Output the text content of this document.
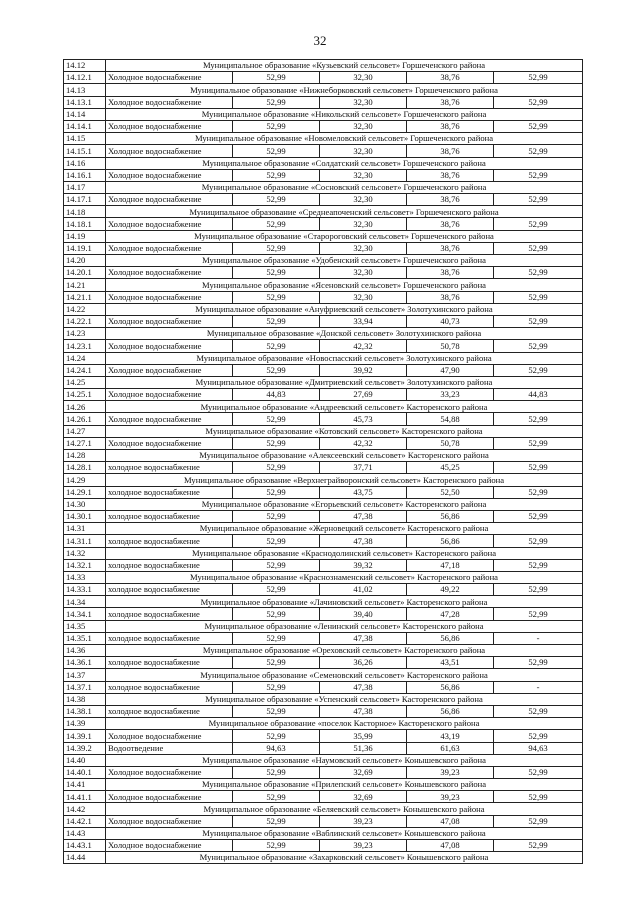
32
14.12	Муниципальное образование «Кузьевский сельсовет» Горшеченского района				
14.12.1	Холодное водоснабжение	52,99	32,30	38,76	52,99
14.13	Муниципальное образование «Нижнеборковский сельсовет» Горшеченского района				
14.13.1	Холодное водоснабжение	52,99	32,30	38,76	52,99
14.14	Муниципальное образование «Никольский сельсовет» Горшеченского района				
14.14.1	Холодное водоснабжение	52,99	32,30	38,76	52,99
14.15	Муниципальное образование «Новомеловский сельсовет» Горшеченского района				
14.15.1	Холодное водоснабжение	52,99	32,30	38,76	52,99
14.16	Муниципальное образование «Солдатский сельсовет» Горшеченского района				
14.16.1	Холодное водоснабжение	52,99	32,30	38,76	52,99
14.17	Муниципальное образование «Сосновский сельсовет» Горшеченского района				
14.17.1	Холодное водоснабжение	52,99	32,30	38,76	52,99
14.18	Муниципальное образование «Среднеапоченский сельсовет» Горшеченского района				
14.18.1	Холодное водоснабжение	52,99	32,30	38,76	52,99
14.19	Муниципальное образование «Старороговский сельсовет» Горшеченского района				
14.19.1	Холодное водоснабжение	52,99	32,30	38,76	52,99
14.20	Муниципальное образование «Удобенский сельсовет» Горшеченского района				
14.20.1	Холодное водоснабжение	52,99	32,30	38,76	52,99
14.21	Муниципальное образование «Ясеновский сельсовет» Горшеченского района				
14.21.1	Холодное водоснабжение	52,99	32,30	38,76	52,99
14.22	Муниципальное образование «Ануфриевский сельсовет» Золотухинского района				
14.22.1	Холодное водоснабжение	52,99	33,94	40,73	52,99
14.23	Муниципальное образование «Донской сельсовет» Золотухинского района				
14.23.1	Холодное водоснабжение	52,99	42,32	50,78	52,99
14.24	Муниципальное образование «Новоспасский сельсовет» Золотухинского района				
14.24.1	Холодное водоснабжение	52,99	39,92	47,90	52,99
14.25	Муниципальное образование «Дмитриевский сельсовет» Золотухинского района				
14.25.1	Холодное водоснабжение	44,83	27,69	33,23	44,83
14.26	Муниципальное образование «Андреевский сельсовет» Касторенского района				
14.26.1	Холодное водоснабжение	52,99	45,73	54,88	52,99
14.27	Муниципальное образование «Котовский сельсовет» Касторенского района				
14.27.1	Холодное водоснабжение	52,99	42,32	50,78	52,99
14.28	Муниципальное образование «Алексеевский сельсовет» Касторенского района				
14.28.1	холодное водоснабжение	52,99	37,71	45,25	52,99
14.29	Муниципальное образование «Верхнеграйворонский сельсовет» Касторенского района				
14.29.1	холодное водоснабжение	52,99	43,75	52,50	52,99
14.30	Муниципальное образование «Егорьевский сельсовет» Касторенского района				
14.30.1	холодное водоснабжение	52,99	47,38	56,86	52,99
14.31	Муниципальное образование «Жерновецкий сельсовет» Касторенского района				
14.31.1	холодное водоснабжение	52,99	47,38	56,86	52,99
14.32	Муниципальное образование «Краснодолинский сельсовет» Касторенского района				
14.32.1	холодное водоснабжение	52,99	39,32	47,18	52,99
14.33	Муниципальное образование «Краснознаменский сельсовет» Касторенского района				
14.33.1	холодное водоснабжение	52,99	41,02	49,22	52,99
14.34	Муниципальное образование «Лачиновский сельсовет» Касторенского района				
14.34.1	холодное водоснабжение	52,99	39,40	47,28	52,99
14.35	Муниципальное образование «Ленинский сельсовет» Касторенского района				
14.35.1	холодное водоснабжение	52,99	47,38	56,86	-
14.36	Муниципальное образование «Ореховский сельсовет» Касторенского района				
14.36.1	холодное водоснабжение	52,99	36,26	43,51	52,99
14.37	Муниципальное образование «Семеновский сельсовет» Касторенского района				
14.37.1	холодное водоснабжение	52,99	47,38	56,86	-
14.38	Муниципальное образование «Успенский сельсовет» Касторенского района				
14.38.1	холодное водоснабжение	52,99	47,38	56,86	52,99
14.39	Муниципальное образование «поселок Касторное» Касторенского района				
14.39.1	Холодное водоснабжение	52,99	35,99	43,19	52,99
14.39.2	Водоотведение	94,63	51,36	61,63	94,63
14.40	Муниципальное образование «Наумовский сельсовет» Конышевского района				
14.40.1	Холодное водоснабжение	52,99	32,69	39,23	52,99
14.41	Муниципальное образование «Прилепский сельсовет» Конышевского района				
14.41.1	Холодное водоснабжение	52,99	32,69	39,23	52,99
14.42	Муниципальное образование «Беляевский сельсовет» Конышевского района				
14.42.1	Холодное водоснабжение	52,99	39,23	47,08	52,99
14.43	Муниципальное образование «Ваблинский сельсовет» Конышевского района				
14.43.1	Холодное водоснабжение	52,99	39,23	47,08	52,99
14.44	Муниципальное образование «Захарковский сельсовет» Конышевского района				
